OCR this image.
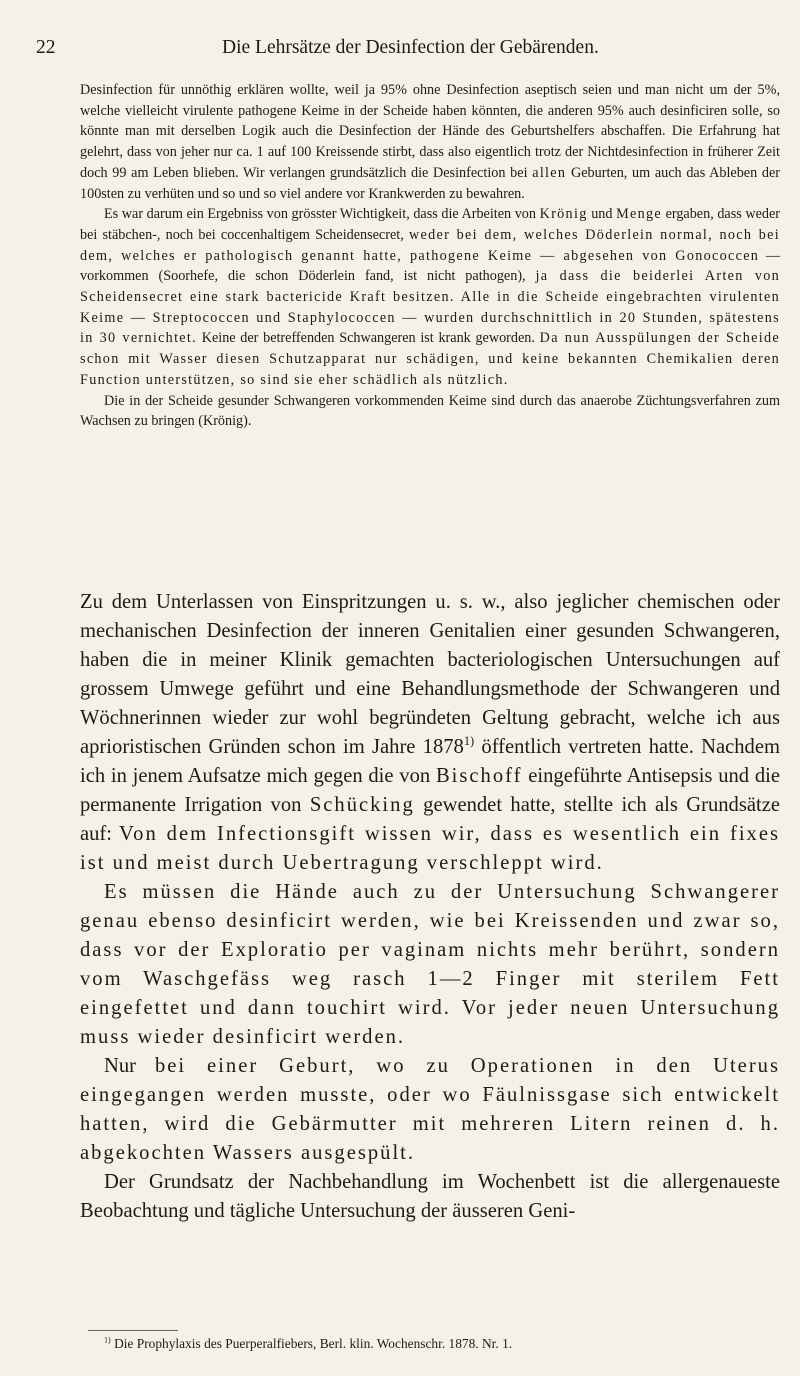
22	Die Lehrsätze der Desinfection der Gebärenden.

Desinfection für unnöthig erklären wollte, weil ja 95% ohne Desinfection aseptisch seien und man nicht um der 5%, welche vielleicht virulente pathogene Keime in der Scheide haben könnten, die anderen 95% auch desinficiren solle, so könnte man mit derselben Logik auch die Desinfection der Hände des Geburtshelfers abschaffen. Die Erfahrung hat gelehrt, dass von jeher nur ca. 1 auf 100 Kreissende stirbt, dass also eigentlich trotz der Nichtdesinfection in früherer Zeit doch 99 am Leben blieben. Wir verlangen grundsätzlich die Desinfection bei allen Geburten, um auch das Ableben der 100sten zu verhüten und so und so viel andere vor Krankwerden zu bewahren.

Es war darum ein Ergebniss von grösster Wichtigkeit, dass die Arbeiten von Krönig und Menge ergaben, dass weder bei stäbchen-, noch bei coccenhaltigem Scheidensecret, weder bei dem, welches Döderlein normal, noch bei dem, welches er pathologisch genannt hatte, pathogene Keime — abgesehen von Gonococcen — vorkommen (Soorhefe, die schon Döderlein fand, ist nicht pathogen), ja dass die beiderlei Arten von Scheidensecret eine stark bactericide Kraft besitzen. Alle in die Scheide eingebrachten virulenten Keime — Streptococcen und Staphylococcen — wurden durchschnittlich in 20 Stunden, spätestens in 30 vernichtet. Keine der betreffenden Schwangeren ist krank geworden. Da nun Ausspülungen der Scheide schon mit Wasser diesen Schutzapparat nur schädigen, und keine bekannten Chemikalien deren Function unterstützen, so sind sie eher schädlich als nützlich.

Die in der Scheide gesunder Schwangeren vorkommenden Keime sind durch das anaerobe Züchtungsverfahren zum Wachsen zu bringen (Krönig).

Zu dem Unterlassen von Einspritzungen u. s. w., also jeglicher chemischen oder mechanischen Desinfection der inneren Genitalien einer gesunden Schwangeren, haben die in meiner Klinik gemachten bacteriologischen Untersuchungen auf grossem Umwege geführt und eine Behandlungsmethode der Schwangeren und Wöchnerinnen wieder zur wohl begründeten Geltung gebracht, welche ich aus aprioristischen Gründen schon im Jahre 1878$^{1)}$ öffentlich vertreten hatte. Nachdem ich in jenem Aufsatze mich gegen die von Bischoff eingeführte Antisepsis und die permanente Irrigation von Schücking gewendet hatte, stellte ich als Grundsätze auf: Von dem Infectionsgift wissen wir, dass es wesentlich ein fixes ist und meist durch Uebertragung verschleppt wird.

Es müssen die Hände auch zu der Untersuchung Schwangerer genau ebenso desinficirt werden, wie bei Kreissenden und zwar so, dass vor der Exploratio per vaginam nichts mehr berührt, sondern vom Waschgefäss weg rasch 1—2 Finger mit sterilem Fett eingefettet und dann touchirt wird. Vor jeder neuen Untersuchung muss wieder desinficirt werden.

Nur bei einer Geburt, wo zu Operationen in den Uterus eingegangen werden musste, oder wo Fäulnissgase sich entwickelt hatten, wird die Gebärmutter mit mehreren Litern reinen d. h. abgekochten Wassers ausgespült.

Der Grundsatz der Nachbehandlung im Wochenbett ist die allergenaueste Beobachtung und tägliche Untersuchung der äusseren Geni-

$^{1)}$ Die Prophylaxis des Puerperalfiebers, Berl. klin. Wochenschr. 1878. Nr. 1.
